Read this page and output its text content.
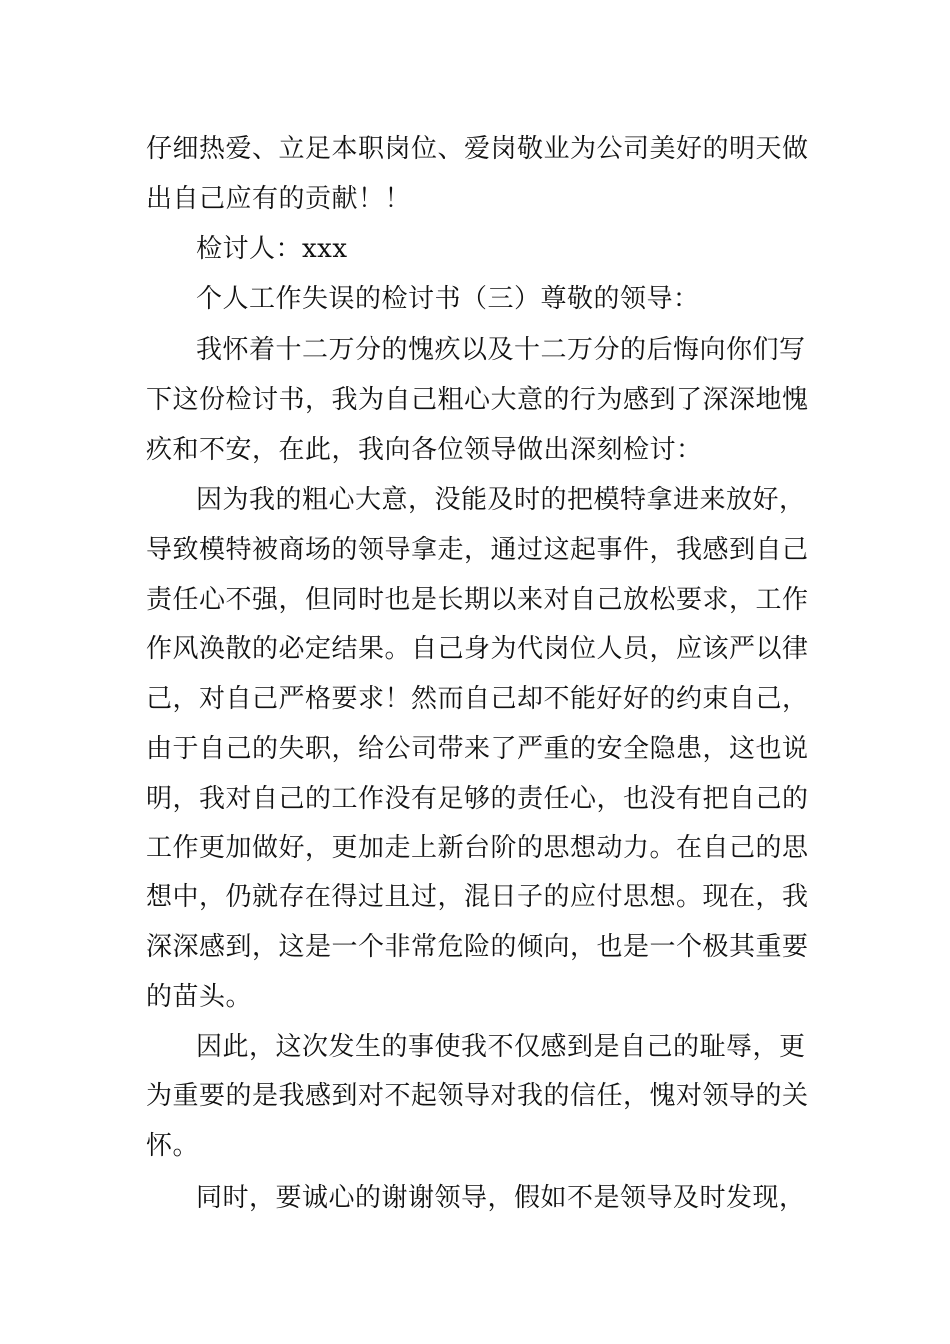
仔细热爱、立足本职岗位、爱岗敬业为公司美好的明天做
出自己应有的贡献！！
检讨人：xxx
个人工作失误的检讨书（三）尊敬的领导：
我怀着十二万分的愧疚以及十二万分的后悔向你们写
下这份检讨书，我为自己粗心大意的行为感到了深深地愧
疚和不安，在此，我向各位领导做出深刻检讨：
因为我的粗心大意，没能及时的把模特拿进来放好，
导致模特被商场的领导拿走，通过这起事件，我感到自己
责任心不强，但同时也是长期以来对自己放松要求，工作
作风涣散的必定结果。自己身为代岗位人员，应该严以律
己，对自己严格要求！然而自己却不能好好的约束自己，
由于自己的失职，给公司带来了严重的安全隐患，这也说
明，我对自己的工作没有足够的责任心，也没有把自己的
工作更加做好，更加走上新台阶的思想动力。在自己的思
想中，仍就存在得过且过，混日子的应付思想。现在，我
深深感到，这是一个非常危险的倾向，也是一个极其重要
的苗头。
因此，这次发生的事使我不仅感到是自己的耻辱，更
为重要的是我感到对不起领导对我的信任，愧对领导的关
怀。
同时，要诚心的谢谢领导，假如不是领导及时发现，
